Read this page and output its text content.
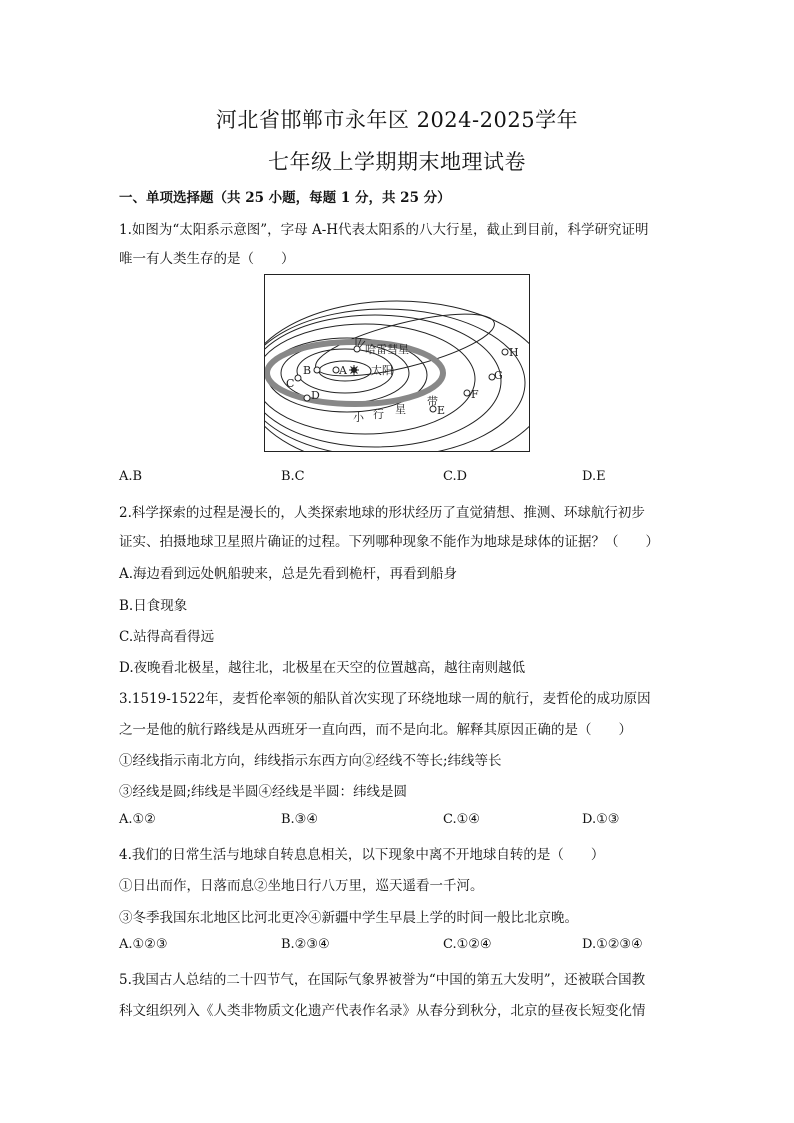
河北省邯郸市永年区 2024-2025学年
七年级上学期期末地理试卷
一、单项选择题（共 25 小题，每题 1 分，共 25 分）
1.如图为“太阳系示意图”，字母 A-H代表太阳系的八大行星，截止到目前，科学研究证明
唯一有人类生存的是（　　）
哈雷彗星
太阳
A
B
C
D
E
F
G
H
小 行 星
带
A.B	B.C	C.D	D.E
2.科学探索的过程是漫长的，人类探索地球的形状经历了直觉猜想、推测、环球航行初步
证实、拍摄地球卫星照片确证的过程。下列哪种现象不能作为地球是球体的证据？（　　）
A.海边看到远处帆船驶来，总是先看到桅杆，再看到船身
B.日食现象
C.站得高看得远
D.夜晚看北极星，越往北，北极星在天空的位置越高，越往南则越低
3.1519-1522年，麦哲伦率领的船队首次实现了环绕地球一周的航行，麦哲伦的成功原因
之一是他的航行路线是从西班牙一直向西，而不是向北。解释其原因正确的是（　　）
①经线指示南北方向，纬线指示东西方向②经线不等长;纬线等长
③经线是圆;纬线是半圆④经线是半圆：纬线是圆
A.①②	B.③④	C.①④	D.①③
4.我们的日常生活与地球自转息息相关，以下现象中离不开地球自转的是（　　）
①日出而作，日落而息②坐地日行八万里，巡天遥看一千河。
③冬季我国东北地区比河北更冷④新疆中学生早晨上学的时间一般比北京晚。
A.①②③	B.②③④	C.①②④	D.①②③④
5.我国古人总结的二十四节气，在国际气象界被誉为“中国的第五大发明”，还被联合国教
科文组织列入《人类非物质文化遗产代表作名录》从春分到秋分，北京的昼夜长短变化情
